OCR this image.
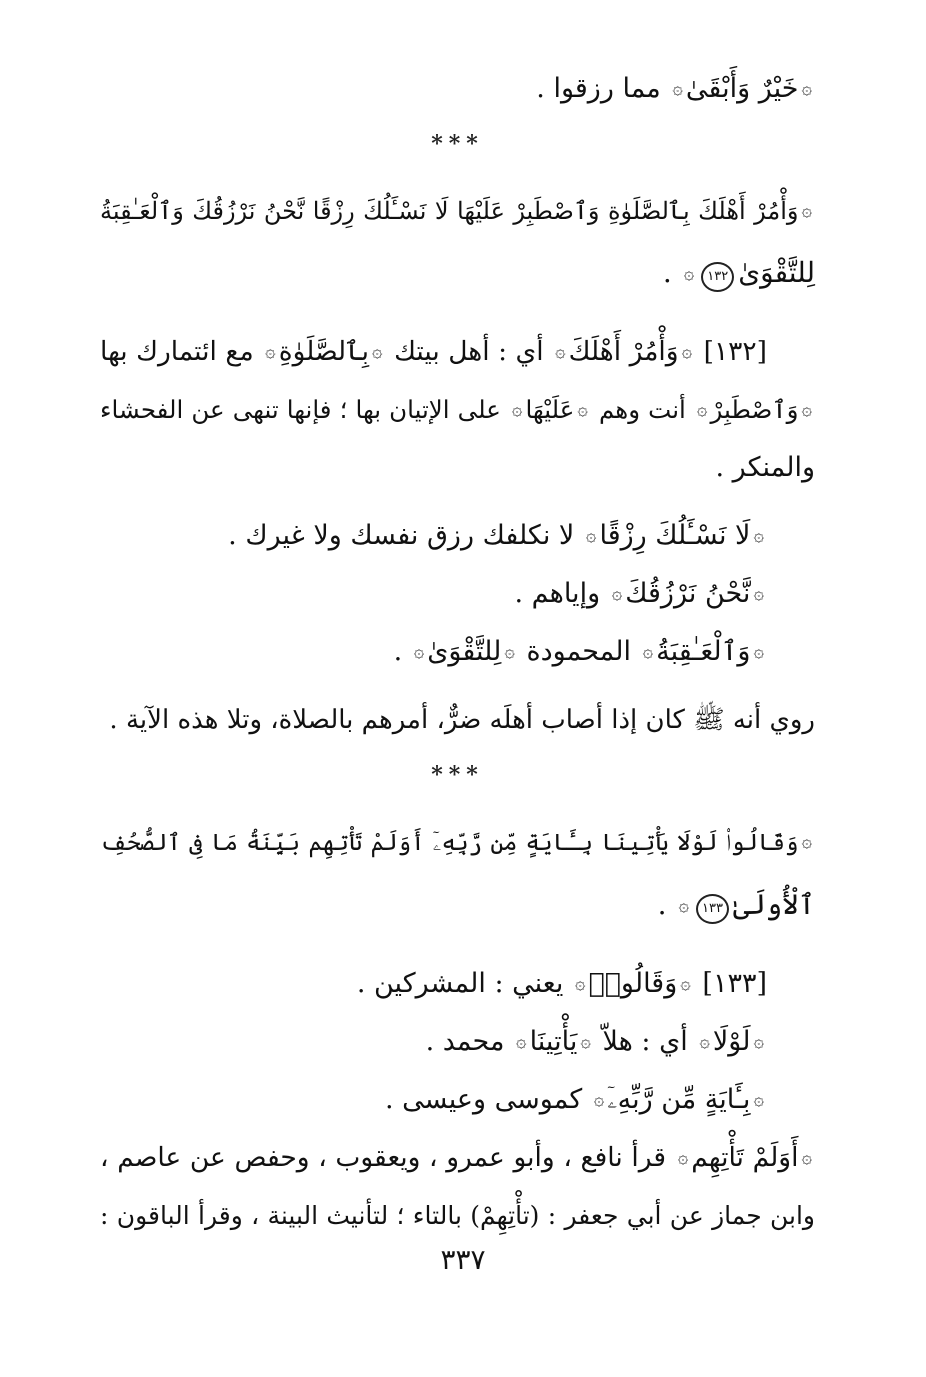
۞خَيْرٌ وَأَبْقَىٰ۞ مما رزقوا .
***
۞وَأْمُرْ أَهْلَكَ بِٱلصَّلَوٰةِ وَٱصْطَبِرْ عَلَيْهَا لَا نَسْـَٔلُكَ رِزْقًا نَّحْنُ نَرْزُقُكَ وَٱلْعَـٰقِبَةُ
لِلتَّقْوَىٰ١٣٢۞ .
[١٣٢] ۞وَأْمُرْ أَهْلَكَ۞ أي : أهل بيتك ۞بِٱلصَّلَوٰةِ۞ مع ائتمارك بها
۞وَٱصْطَبِرْ۞ أنت وهم ۞عَلَيْهَا۞ على الإتيان بها ؛ فإنها تنهى عن الفحشاء
والمنكر .
۞لَا نَسْـَٔلُكَ رِزْقًا۞ لا نكلفك رزق نفسك ولا غيرك .
۞نَّحْنُ نَرْزُقُكَ۞ وإياهم .
۞وَٱلْعَـٰقِبَةُ۞ المحمودة ۞لِلتَّقْوَىٰ۞ .
روي أنه ﷺ كان إذا أصاب أهلَه ضرٌّ، أمرهم بالصلاة، وتلا هذه الآية .
***
۞وَقَالُوا۟ لَوْلَا يَأْتِينَا بِـَٔايَةٍ مِّن رَّبِّهِۦٓ أَوَلَمْ تَأْتِهِم بَيِّنَةُ مَا فِى ٱلصُّحُفِ
ٱلْأُولَىٰ١٣٣۞ .
[١٣٣] ۞وَقَالُوا۟۞ يعني : المشركين .
۞لَوْلَا۞ أي : هلاّ ۞يَأْتِينَا۞ محمد .
۞بِـَٔايَةٍ مِّن رَّبِّهِۦٓ۞ كموسى وعيسى .
۞أَوَلَمْ تَأْتِهِم۞ قرأ نافع ، وأبو عمرو ، ويعقوب ، وحفص عن عاصم ،
وابن جماز عن أبي جعفر : (تأْتِهِمْ) بالتاء ؛ لتأنيث البينة ، وقرأ الباقون :
٣٣٧
